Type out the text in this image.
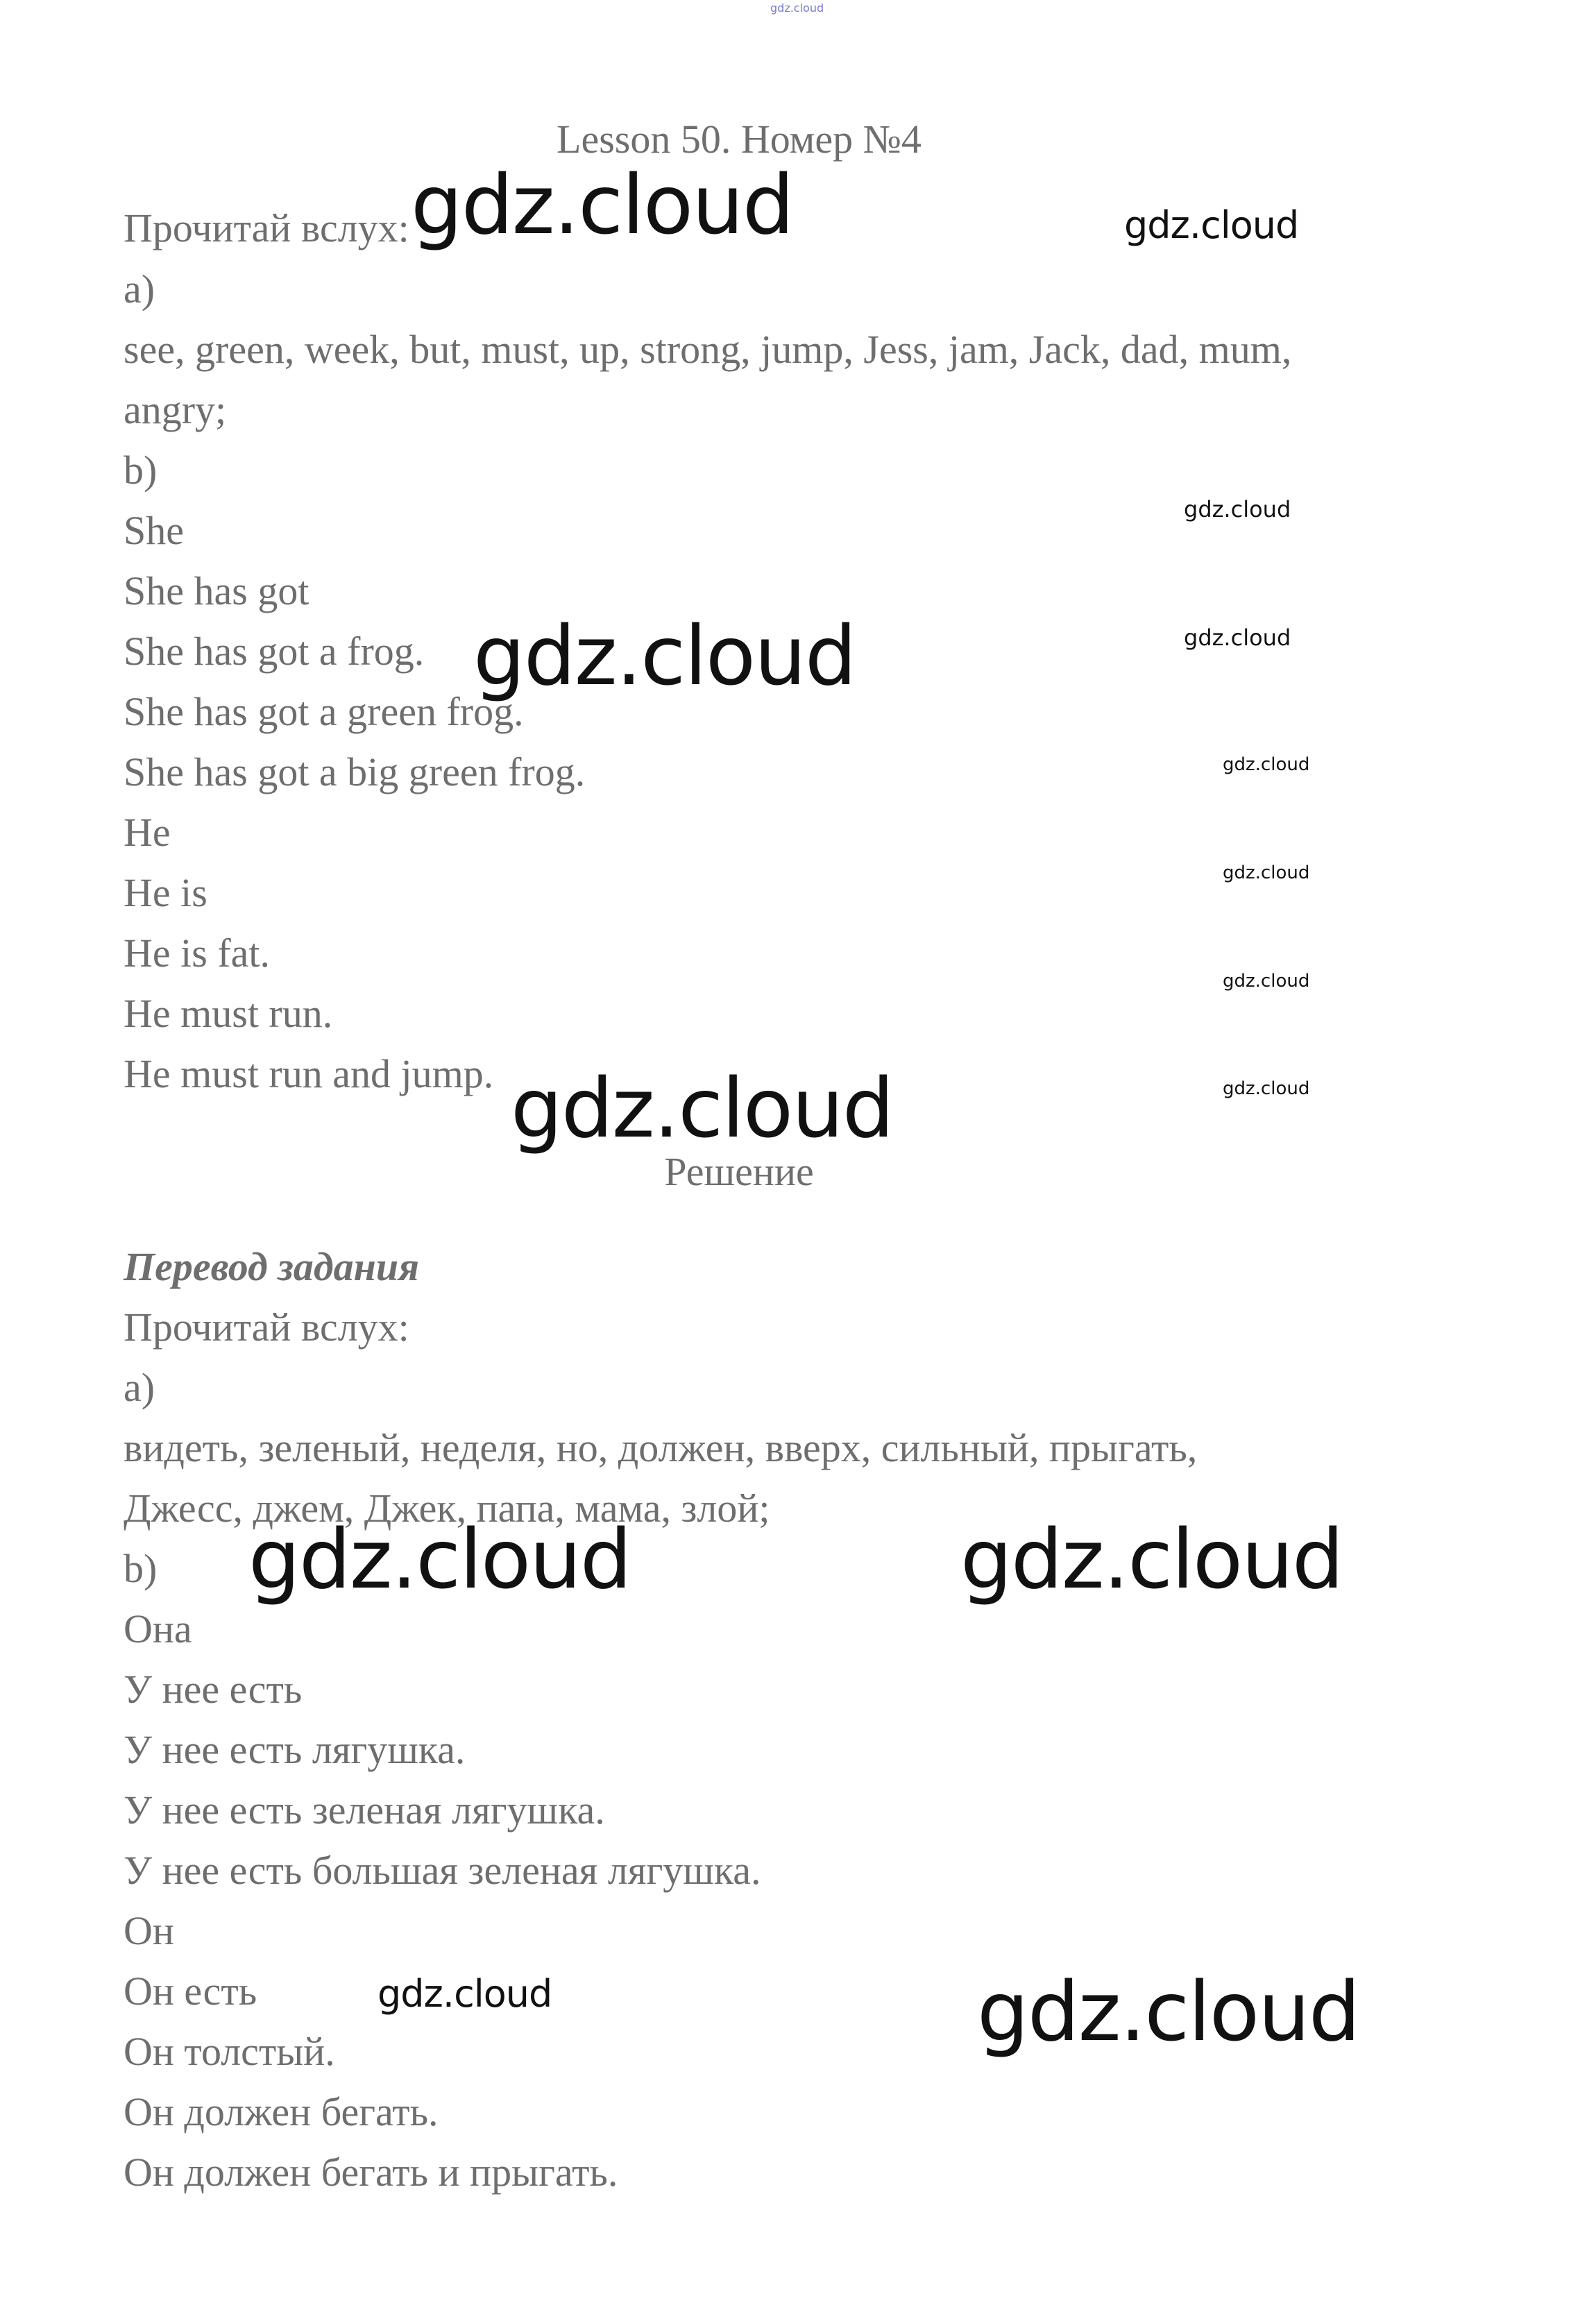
gdz.cloud
Lesson 50. Номер №4
Прочитай вслух:
a)
see, green, week, but, must, up, strong, jump, Jess, jam, Jack, dad, mum,
angry;
b)
She
She has got
She has got a frog.
She has got a green frog.
She has got a big green frog.
He
He is
He is fat.
He must run.
He must run and jump.
Решение
Перевод задания
Прочитай вслух:
a)
видеть, зеленый, неделя, но, должен, вверх, сильный, прыгать,
Джесс, джем, Джек, папа, мама, злой;
b)
Она
У нее есть
У нее есть лягушка.
У нее есть зеленая лягушка.
У нее есть большая зеленая лягушка.
Он
Он есть
Он толстый.
Он должен бегать.
Он должен бегать и прыгать.
gdz.cloud	gdz.cloud
gdz.cloud
gdz.cloud	gdz.cloud
gdz.cloud
gdz.cloud
gdz.cloud
gdz.cloud	gdz.cloud
gdz.cloud	gdz.cloud
gdz.cloud	gdz.cloud
